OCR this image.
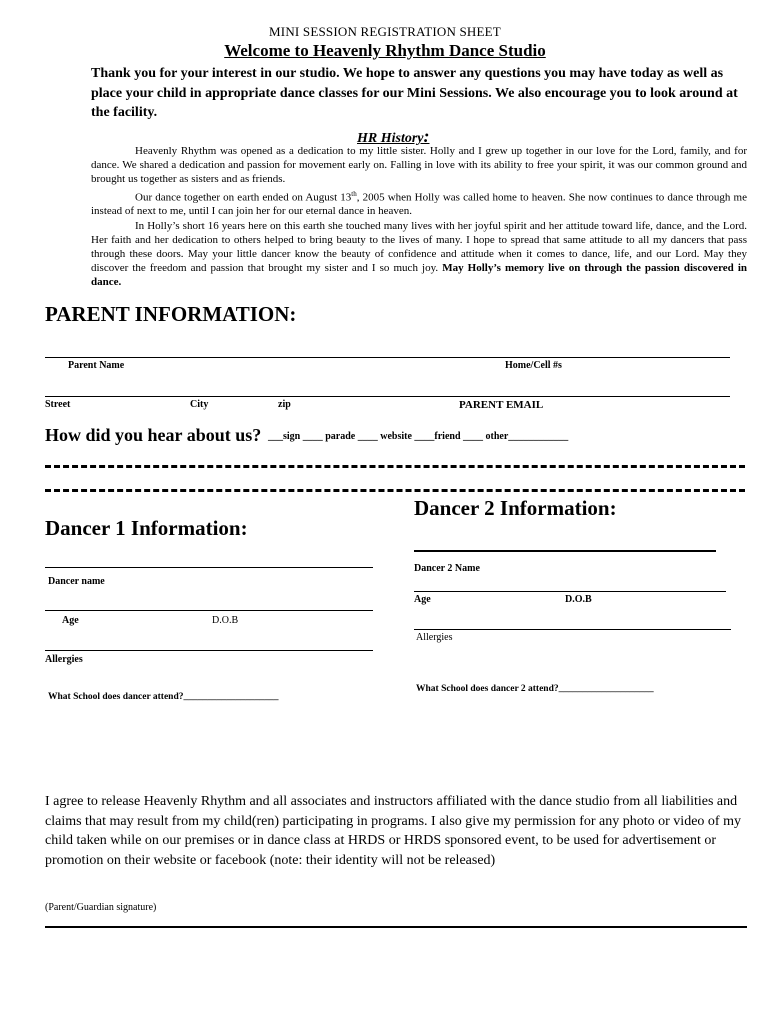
MINI SESSION REGISTRATION SHEET
Welcome to Heavenly Rhythm Dance Studio
Thank you for your interest in our studio. We hope to answer any questions you may have today as well as place your child in appropriate dance classes for our Mini Sessions. We also encourage you to look around at the facility.
HR History:

Heavenly Rhythm was opened as a dedication to my little sister. Holly and I grew up together in our love for the Lord, family, and for dance. We shared a dedication and passion for movement early on. Falling in love with its ability to free your spirit, it was our common ground and brought us together as sisters and as friends.

Our dance together on earth ended on August 13th, 2005 when Holly was called home to heaven. She now continues to dance through me instead of next to me, until I can join her for our eternal dance in heaven.

In Holly’s short 16 years here on this earth she touched many lives with her joyful spirit and her attitude toward life, dance, and the Lord. Her faith and her dedication to others helped to bring beauty to the lives of many. I hope to spread that same attitude to all my dancers that pass through these doors. May your little dancer know the beauty of confidence and attitude when it comes to dance, life, and our Lord. May they discover the freedom and passion that brought my sister and I so much joy. May Holly’s memory live on through the passion discovered in dance.

PARENT INFORMATION:
Parent Name	Home/Cell #s
Street	City	zip	PARENT EMAIL
How did you hear about us? ___sign ____ parade ____ website ____friend ____ other____________
Dancer 1 Information:
Dancer name
Age	D.O.B
Allergies
What School does dancer attend?____________________
Dancer 2 Information:
Dancer 2 Name
Age	D.O.B
Allergies
What School does dancer 2 attend?____________________
I agree to release Heavenly Rhythm and all associates and instructors affiliated with the dance studio from all liabilities and claims that may result from my child(ren) participating in programs. I also give my permission for any photo or video of my child taken while on our premises or in dance class at HRDS or HRDS sponsored event, to be used for advertisement or promotion on their website or facebook (note: their identity will not be released)
(Parent/Guardian signature)
